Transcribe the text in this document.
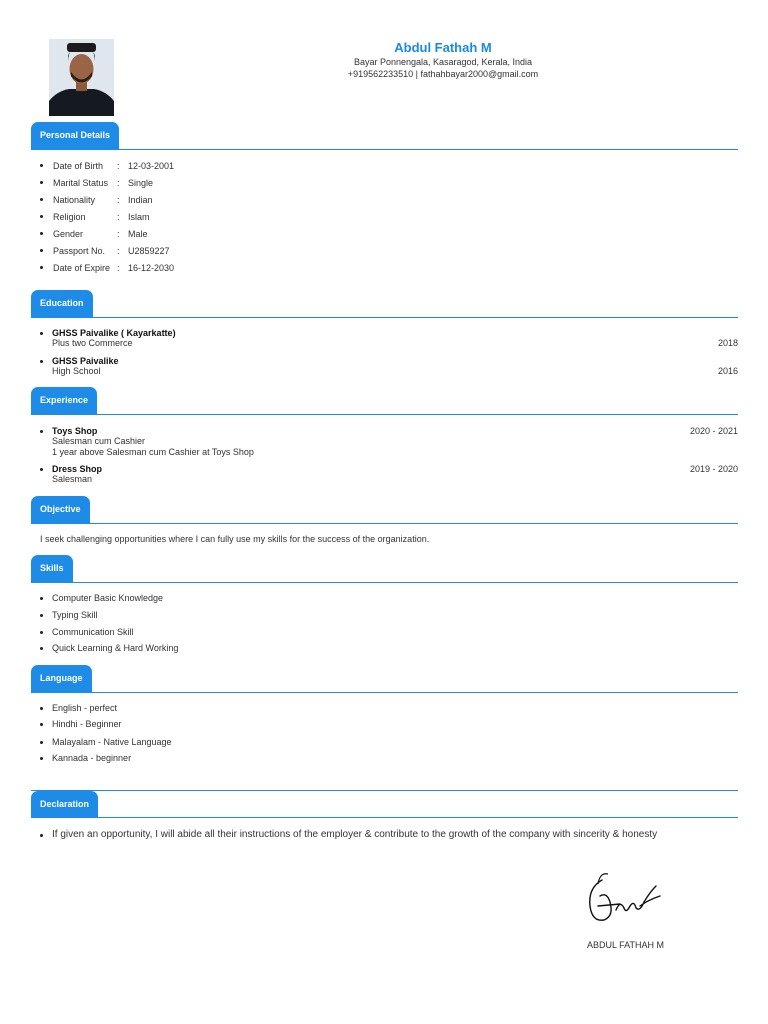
Abdul Fathah M
Bayar Ponnengala, Kasaragod, Kerala, India
+919562233510 | fathahbayar2000@gmail.com
Personal Details
Date of Birth	: 12-03-2001
Marital Status : Single
Nationality	: Indian
Religion	: Islam
Gender	: Male
Passport No.	: U2859227
Date of Expire : 16-12-2030
Education
GHSS Paivalike ( Kayarkatte)
Plus two Commerce	2018
GHSS Paivalike
High School	2016
Experience
Toys Shop	2020 - 2021
Salesman cum Cashier
1 year above Salesman cum Cashier at Toys Shop
Dress Shop	2019 - 2020
Salesman
Objective
I seek challenging opportunities where I can fully use my skills for the success of the organization.
Skills
Computer Basic Knowledge
Typing Skill
Communication Skill
Quick Learning & Hard Working
Language
English - perfect
Hindhi - Beginner
Malayalam - Native Language
Kannada - beginner
Declaration
If given an opportunity, I will abide all their instructions of the employer & contribute to the growth of the company with sincerity & honesty
ABDUL FATHAH M
